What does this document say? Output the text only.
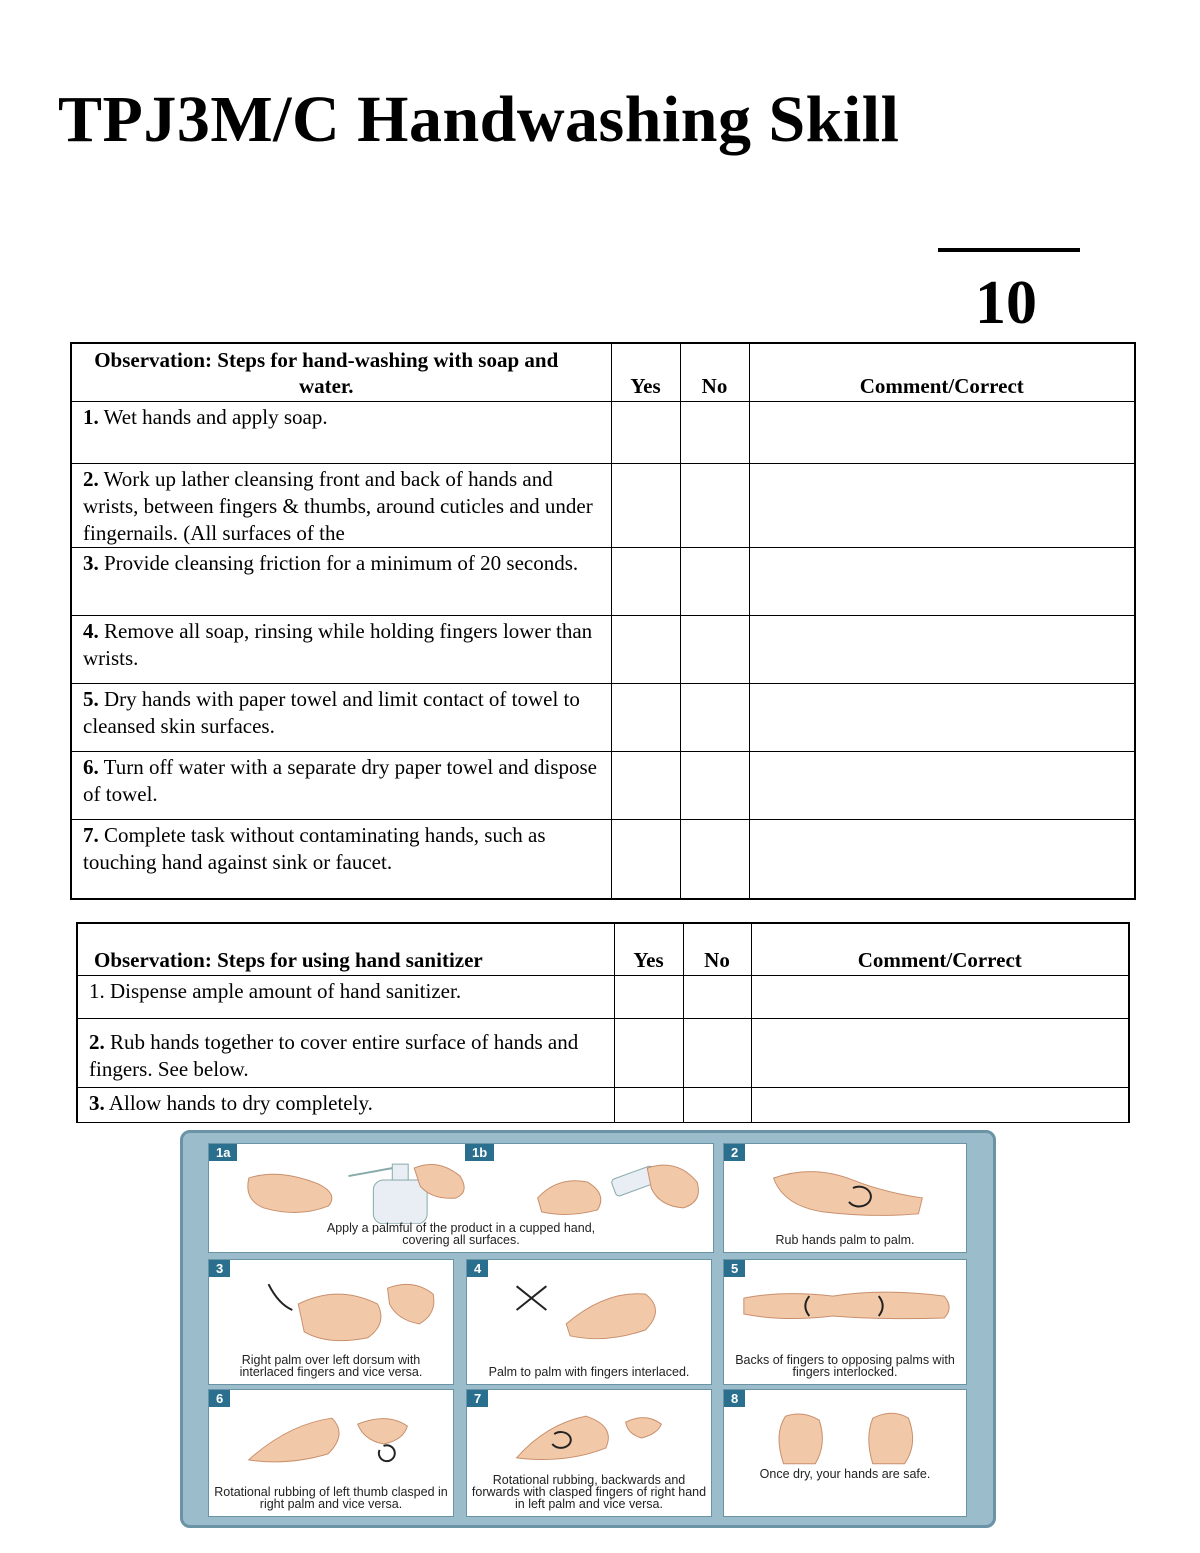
TPJ3M/C Handwashing Skill
10
Observation: Steps for hand-washing with soap and water.	Yes	No	Comment/Correct
1. Wet hands and apply soap.			

2. Work up lather cleansing front and back of hands and wrists, between fingers & thumbs, around cuticles and under fingernails. (All surfaces of the			

3. Provide cleansing friction for a minimum of 20 seconds.			
4. Remove all soap, rinsing while holding fingers lower than wrists.			
5. Dry hands with paper towel and limit contact of towel to cleansed skin surfaces.			
6. Turn off water with a separate dry paper towel and dispose of towel.			
7. Complete task without contaminating hands, such as touching hand against sink or faucet.			
Observation: Steps for using hand sanitizer	Yes	No	Comment/Correct
1. Dispense ample amount of hand sanitizer.			
2. Rub hands together to cover entire surface of hands and fingers. See below.			
3. Allow hands to dry completely.			
1a	1b
Apply a palmful of the product in a cupped hand, covering all surfaces.
2
Rub hands palm to palm.
3
Right palm over left dorsum with interlaced fingers and vice versa.
4
Palm to palm with fingers interlaced.
5
Backs of fingers to opposing palms with fingers interlocked.
6
Rotational rubbing of left thumb clasped in right palm and vice versa.
7
Rotational rubbing, backwards and forwards with clasped fingers of right hand in left palm and vice versa.
8
Once dry, your hands are safe.
